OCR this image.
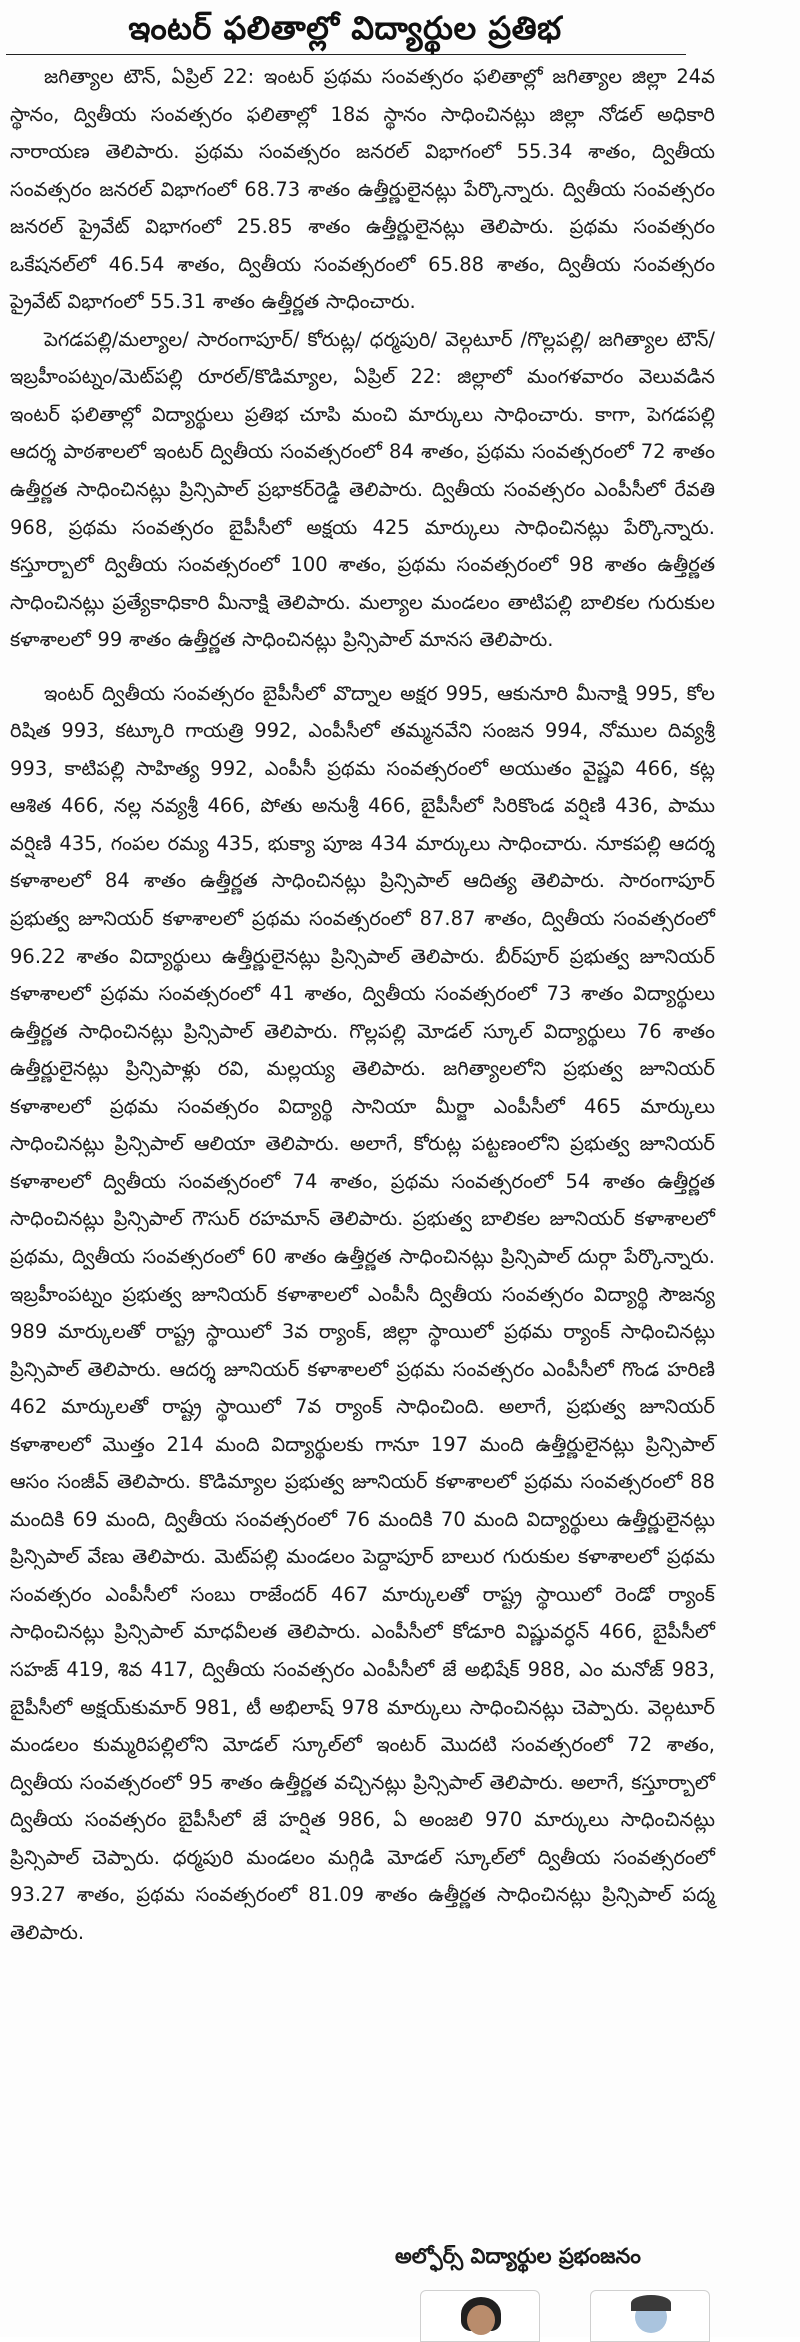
ఇంటర్ ఫలితాల్లో విద్యార్థుల ప్రతిభ

జగిత్యాల టౌన్, ఏప్రిల్ 22: ఇంటర్ ప్రథమ సంవత్సరం ఫలితాల్లో జగిత్యాల జిల్లా 24వ స్థానం, ద్వితీయ సంవత్సరం ఫలితాల్లో 18వ స్థానం సాధించినట్లు జిల్లా నోడల్ అధికారి నారాయణ తెలిపారు. ప్రథమ సంవత్సరం జనరల్ విభాగంలో 55.34 శాతం, ద్వితీయ సంవత్సరం జనరల్ విభాగంలో 68.73 శాతం ఉత్తీర్ణులైనట్లు పేర్కొన్నారు. ద్వితీయ సంవత్సరం జనరల్ ప్రైవేట్ విభాగంలో 25.85 శాతం ఉత్తీర్ణులైనట్లు తెలిపారు. ప్రథమ సంవత్సరం ఒకేషనల్‌లో 46.54 శాతం, ద్వితీయ సంవత్సరంలో 65.88 శాతం, ద్వితీయ సంవత్సరం ప్రైవేట్ విభాగంలో 55.31 శాతం ఉత్తీర్ణత సాధించారు.

పెగడపల్లి/మల్యాల/ సారంగాపూర్/ కోరుట్ల/ ధర్మపురి/ వెల్గటూర్ /గొల్లపల్లి/ జగిత్యాల టౌన్/ఇబ్రహీంపట్నం/మెట్‌పల్లి రూరల్/కొడిమ్యాల, ఏప్రిల్ 22: జిల్లాలో మంగళవారం వెలువడిన ఇంటర్ ఫలితాల్లో విద్యార్థులు ప్రతిభ చూపి మంచి మార్కులు సాధించారు. కాగా, పెగడపల్లి ఆదర్శ పాఠశాలలో ఇంటర్ ద్వితీయ సంవత్సరంలో 84 శాతం, ప్రథమ సంవత్సరంలో 72 శాతం ఉత్తీర్ణత సాధించినట్లు ప్రిన్సిపాల్ ప్రభాకర్‌రెడ్డి తెలిపారు. ద్వితీయ సంవత్సరం ఎంపీసీలో రేవతి 968, ప్రథమ సంవత్సరం బైపీసీలో అక్షయ 425 మార్కులు సాధించినట్లు పేర్కొన్నారు. కస్తూర్బాలో ద్వితీయ సంవత్సరంలో 100 శాతం, ప్రథమ సంవత్సరంలో 98 శాతం ఉత్తీర్ణత సాధించినట్లు ప్రత్యేకాధికారి మీనాక్షి తెలిపారు. మల్యాల మండలం తాటిపల్లి బాలికల గురుకుల కళాశాలలో 99 శాతం ఉత్తీర్ణత సాధించినట్లు ప్రిన్సిపాల్ మానస తెలిపారు.

ఇంటర్ ద్వితీయ సంవత్సరం బైపీసీలో వొద్నాల అక్షర 995, ఆకునూరి మీనాక్షి 995, కోల రిషిత 993, కట్కూరి గాయత్రి 992, ఎంపీసీలో తమ్మనవేని సంజన 994, నోముల దివ్యశ్రీ 993, కాటిపల్లి సాహిత్య 992, ఎంపీసీ ప్రథమ సంవత్సరంలో అయుతం వైష్ణవి 466, కట్ల ఆశిత 466, నల్ల నవ్యశ్రీ 466, పోతు అనుశ్రీ 466, బైపీసీలో సిరికొండ వర్షిణి 436, పాము వర్షిణి 435, గంపల రమ్య 435, భుక్యా పూజ 434 మార్కులు సాధించారు. నూకపల్లి ఆదర్శ కళాశాలలో 84 శాతం ఉత్తీర్ణత సాధించినట్లు ప్రిన్సిపాల్ ఆదిత్య తెలిపారు. సారంగాపూర్ ప్రభుత్వ జూనియర్ కళాశాలలో ప్రథమ సంవత్సరంలో 87.87 శాతం, ద్వితీయ సంవత్సరంలో 96.22 శాతం విద్యార్థులు ఉత్తీర్ణులైనట్లు ప్రిన్సిపాల్ తెలిపారు. బీర్‌పూర్ ప్రభుత్వ జూనియర్ కళాశాలలో ప్రథమ సంవత్సరంలో 41 శాతం, ద్వితీయ సంవత్సరంలో 73 శాతం విద్యార్థులు ఉత్తీర్ణత సాధించినట్లు ప్రిన్సిపాల్ తెలిపారు. గొల్లపల్లి మోడల్ స్కూల్ విద్యార్థులు 76 శాతం ఉత్తీర్ణులైనట్లు ప్రిన్సిపాళ్లు రవి, మల్లయ్య తెలిపారు. జగిత్యాలలోని ప్రభుత్వ జూనియర్ కళాశాలలో ప్రథమ సంవత్సరం విద్యార్థి సానియా మీర్జా ఎంపీసీలో 465 మార్కులు సాధించినట్లు ప్రిన్సిపాల్ ఆలియా తెలిపారు. అలాగే, కోరుట్ల పట్టణంలోని ప్రభుత్వ జూనియర్ కళాశాలలో ద్వితీయ సంవత్సరంలో 74 శాతం, ప్రథమ సంవత్సరంలో 54 శాతం ఉత్తీర్ణత సాధించినట్లు ప్రిన్సిపాల్ గౌసుర్ రహమాన్ తెలిపారు. ప్రభుత్వ బాలికల జూనియర్ కళాశాలలో ప్రథమ, ద్వితీయ సంవత్సరంలో 60 శాతం ఉత్తీర్ణత సాధించినట్లు ప్రిన్సిపాల్ దుర్గా పేర్కొన్నారు. ఇబ్రహీంపట్నం ప్రభుత్వ జూనియర్ కళాశాలలో ఎంపీసీ ద్వితీయ సంవత్సరం విద్యార్థి సౌజన్య 989 మార్కులతో రాష్ట్ర స్థాయిలో 3వ ర్యాంక్, జిల్లా స్థాయిలో ప్రథమ ర్యాంక్ సాధించినట్లు ప్రిన్సిపాల్ తెలిపారు. ఆదర్శ జూనియర్ కళాశాలలో ప్రథమ సంవత్సరం ఎంపీసీలో గొండ హరిణి 462 మార్కులతో రాష్ట్ర స్థాయిలో 7వ ర్యాంక్ సాధించింది. అలాగే, ప్రభుత్వ జూనియర్ కళాశాలలో మొత్తం 214 మంది విద్యార్థులకు గానూ 197 మంది ఉత్తీర్ణులైనట్లు ప్రిన్సిపాల్ ఆసం సంజీవ్ తెలిపారు. కొడిమ్యాల ప్రభుత్వ జూనియర్ కళాశాలలో ప్రథమ సంవత్సరంలో 88 మందికి 69 మంది, ద్వితీయ సంవత్సరంలో 76 మందికి 70 మంది విద్యార్థులు ఉత్తీర్ణులైనట్లు ప్రిన్సిపాల్ వేణు తెలిపారు. మెట్‌పల్లి మండలం పెద్దాపూర్ బాలుర గురుకుల కళాశాలలో ప్రథమ సంవత్సరం ఎంపీసీలో సంబు రాజేందర్ 467 మార్కులతో రాష్ట్ర స్థాయిలో రెండో ర్యాంక్ సాధించినట్లు ప్రిన్సిపాల్ మాధవీలత తెలిపారు. ఎంపీసీలో కోడూరి విష్ణువర్ధన్ 466, బైపీసీలో సహజ్ 419, శివ 417, ద్వితీయ సంవత్సరం ఎంపీసీలో జే అభిషేక్ 988, ఎం మనోజ్ 983, బైపీసీలో అక్షయ్‌కుమార్ 981, టీ అభిలాష్ 978 మార్కులు సాధించినట్లు చెప్పారు. వెల్గటూర్ మండలం కుమ్మరిపల్లిలోని మోడల్ స్కూల్‌లో ఇంటర్ మొదటి సంవత్సరంలో 72 శాతం, ద్వితీయ సంవత్సరంలో 95 శాతం ఉత్తీర్ణత వచ్చినట్లు ప్రిన్సిపాల్ తెలిపారు. అలాగే, కస్తూర్బాలో ద్వితీయ సంవత్సరం బైపీసీలో జే హర్షిత 986, ఏ అంజలి 970 మార్కులు సాధించినట్లు ప్రిన్సిపాల్ చెప్పారు. ధర్మపురి మండలం మగ్గిడి మోడల్ స్కూల్‌లో ద్వితీయ సంవత్సరంలో 93.27 శాతం, ప్రథమ సంవత్సరంలో 81.09 శాతం ఉత్తీర్ణత సాధించినట్లు ప్రిన్సిపాల్ పద్మ తెలిపారు.

అల్ఫోర్స్ విద్యార్థుల ప్రభంజనం
